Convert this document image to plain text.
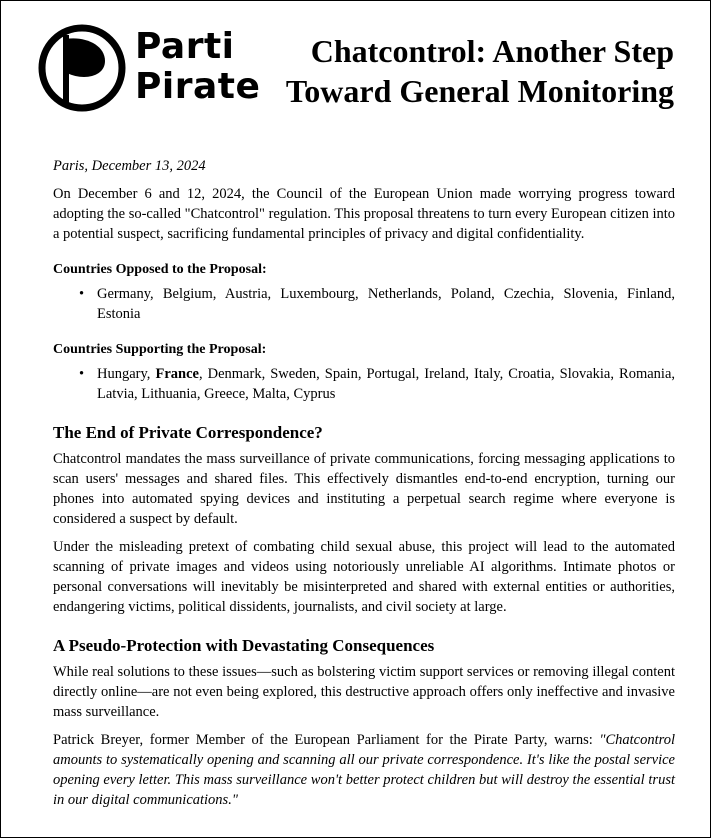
Parti
Pirate
Chatcontrol: Another Step Toward General Monitoring

Paris, December 13, 2024

On December 6 and 12, 2024, the Council of the European Union made worrying progress toward adopting the so-called "Chatcontrol" regulation. This proposal threatens to turn every European citizen into a potential suspect, sacrificing fundamental principles of privacy and digital confidentiality.

Countries Opposed to the Proposal:
• Germany, Belgium, Austria, Luxembourg, Netherlands, Poland, Czechia, Slovenia, Finland, Estonia
Countries Supporting the Proposal:
• Hungary, France, Denmark, Sweden, Spain, Portugal, Ireland, Italy, Croatia, Slovakia, Romania, Latvia, Lithuania, Greece, Malta, Cyprus
The End of Private Correspondence?

Chatcontrol mandates the mass surveillance of private communications, forcing messaging applications to scan users' messages and shared files. This effectively dismantles end-to-end encryption, turning our phones into automated spying devices and instituting a perpetual search regime where everyone is considered a suspect by default.

Under the misleading pretext of combating child sexual abuse, this project will lead to the automated scanning of private images and videos using notoriously unreliable AI algorithms. Intimate photos or personal conversations will inevitably be misinterpreted and shared with external entities or authorities, endangering victims, political dissidents, journalists, and civil society at large.

A Pseudo-Protection with Devastating Consequences

While real solutions to these issues—such as bolstering victim support services or removing illegal content directly online—are not even being explored, this destructive approach offers only ineffective and invasive mass surveillance.

Patrick Breyer, former Member of the European Parliament for the Pirate Party, warns: "Chatcontrol amounts to systematically opening and scanning all our private correspondence. It's like the postal service opening every letter. This mass surveillance won't better protect children but will destroy the essential trust in our digital communications."
